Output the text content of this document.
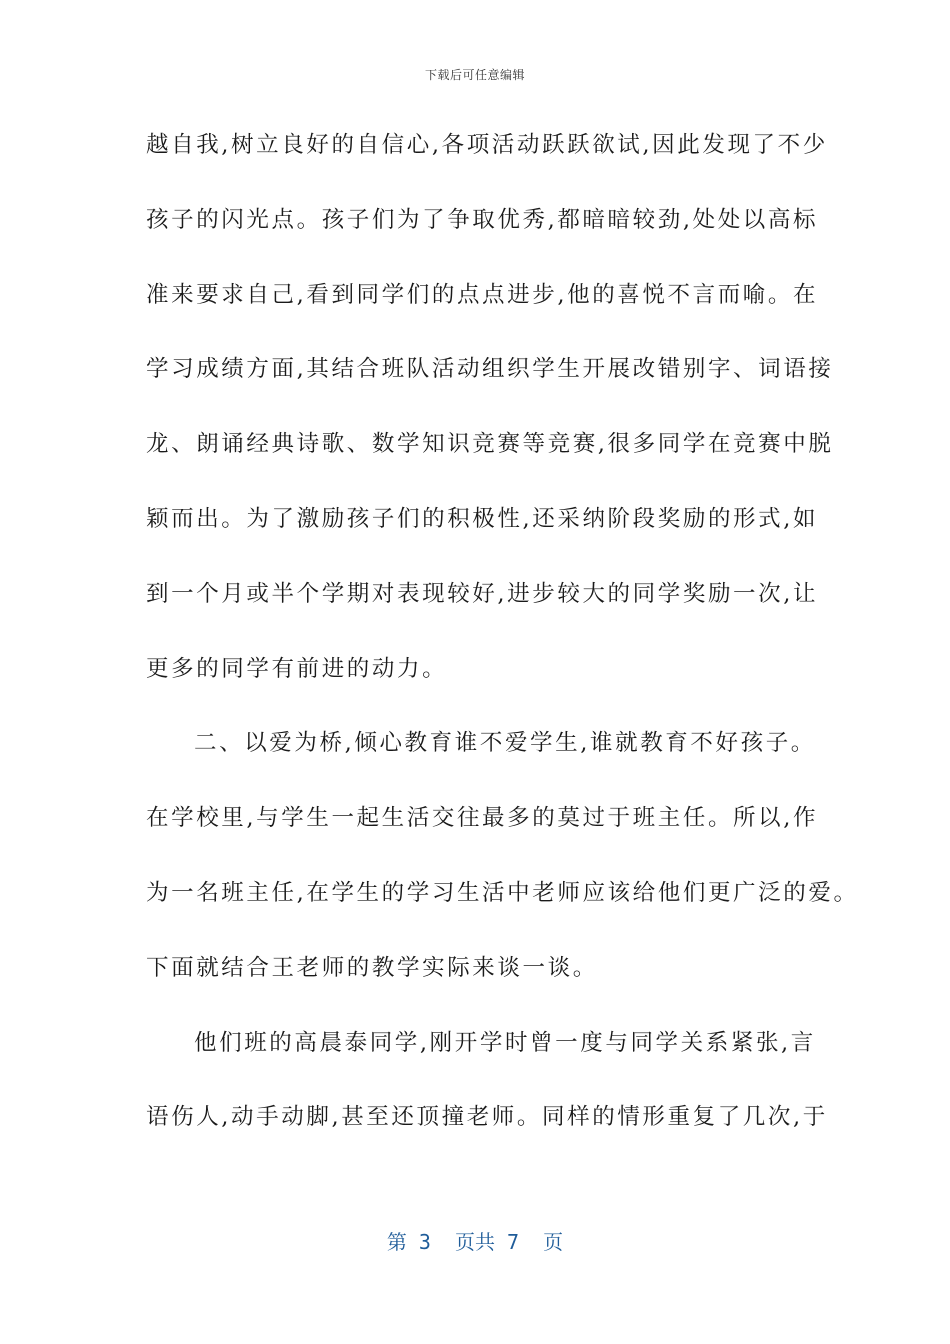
下载后可任意编辑
越自我,树立良好的自信心,各项活动跃跃欲试,因此发现了不少
孩子的闪光点。孩子们为了争取优秀,都暗暗较劲,处处以高标
准来要求自己,看到同学们的点点进步,他的喜悦不言而喻。在
学习成绩方面,其结合班队活动组织学生开展改错别字、词语接
龙、朗诵经典诗歌、数学知识竞赛等竞赛,很多同学在竞赛中脱
颖而出。为了激励孩子们的积极性,还采纳阶段奖励的形式,如
到一个月或半个学期对表现较好,进步较大的同学奖励一次,让
更多的同学有前进的动力。
二、以爱为桥,倾心教育谁不爱学生,谁就教育不好孩子。
在学校里,与学生一起生活交往最多的莫过于班主任。所以,作
为一名班主任,在学生的学习生活中老师应该给他们更广泛的爱。
下面就结合王老师的教学实际来谈一谈。
他们班的高晨泰同学,刚开学时曾一度与同学关系紧张,言
语伤人,动手动脚,甚至还顶撞老师。同样的情形重复了几次,于
第 3  页共 7  页
